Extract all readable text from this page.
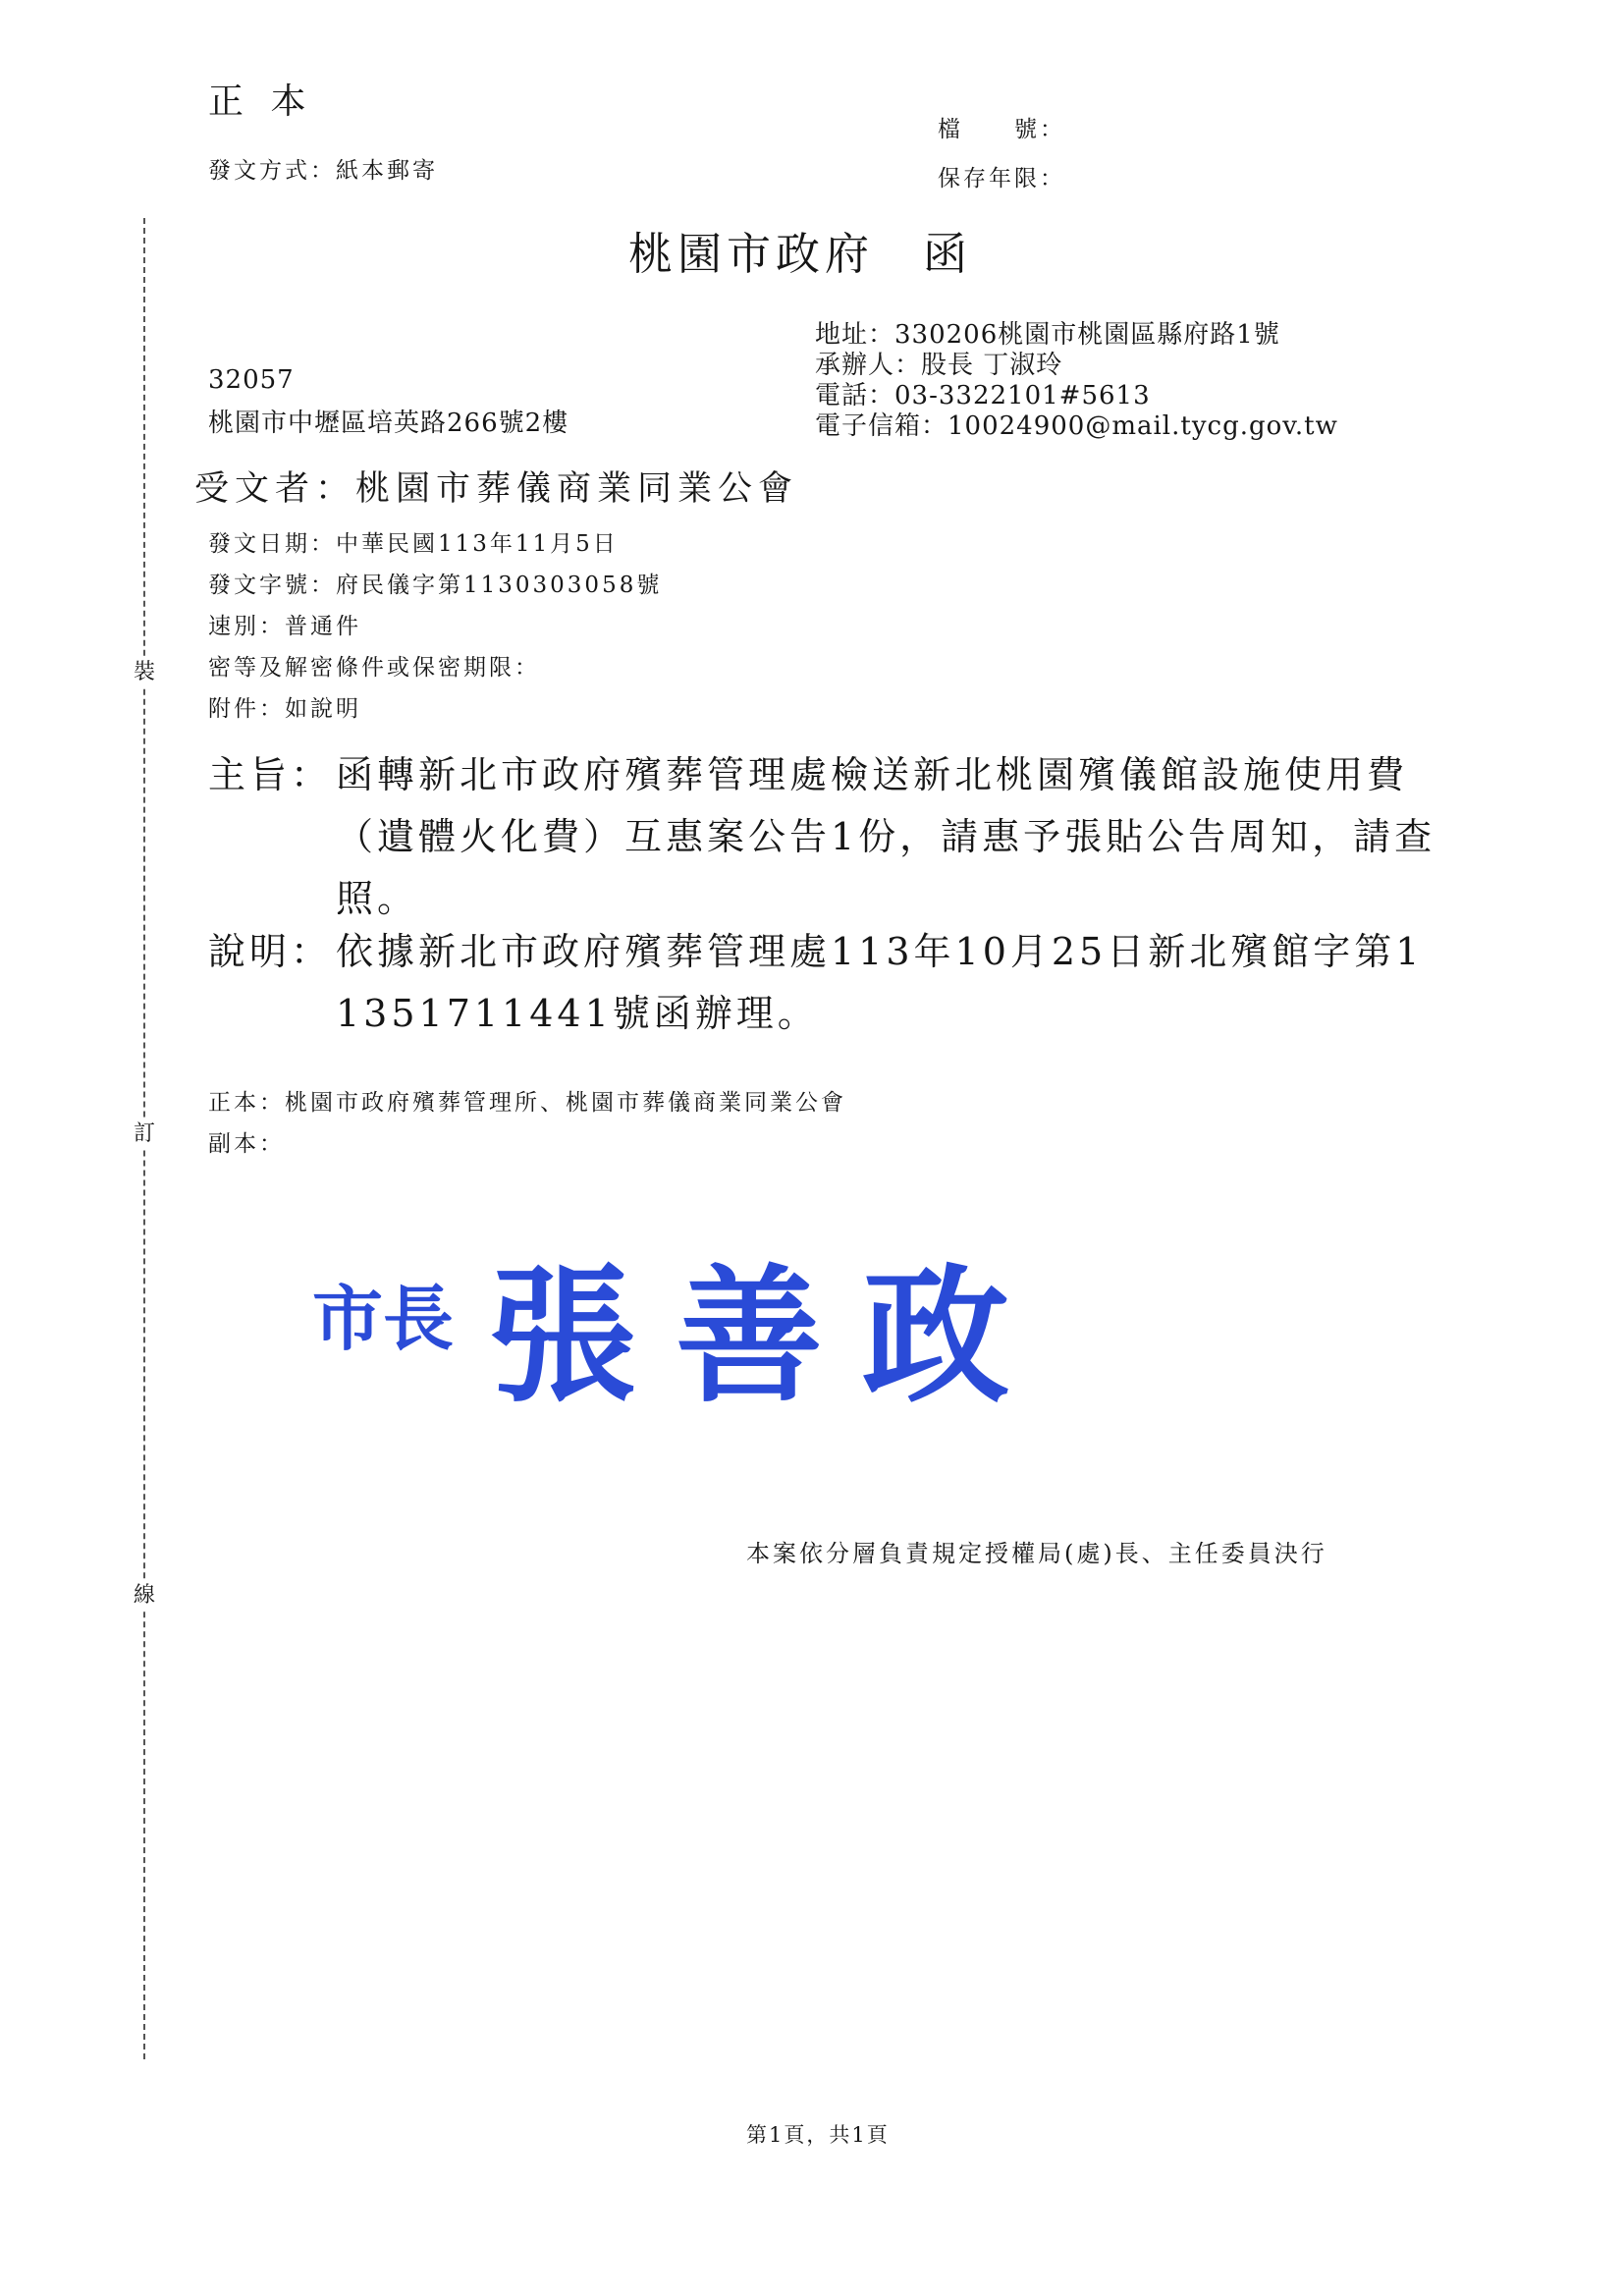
裝
訂
線
正 本
發文方式：紙本郵寄
檔　　號：
保存年限：
桃園市政府　函
地址：330206桃園市桃園區縣府路1號
承辦人：股長 丁淑玲
電話：03-3322101#5613
電子信箱：10024900@mail.tycg.gov.tw
32057
桃園市中壢區培英路266號2樓
受文者：桃園市葬儀商業同業公會
發文日期：中華民國113年11月5日
發文字號：府民儀字第1130303058號
速別：普通件
密等及解密條件或保密期限：
附件：如說明
主旨： 函轉新北市政府殯葬管理處檢送新北桃園殯儀館設施使用費（遺體火化費）互惠案公告1份，請惠予張貼公告周知，請查照。
說明： 依據新北市政府殯葬管理處113年10月25日新北殯館字第11351711441號函辦理。
正本：桃園市政府殯葬管理所、桃園市葬儀商業同業公會
副本：
市長 張善政
本案依分層負責規定授權局(處)長、主任委員決行
第1頁，共1頁
